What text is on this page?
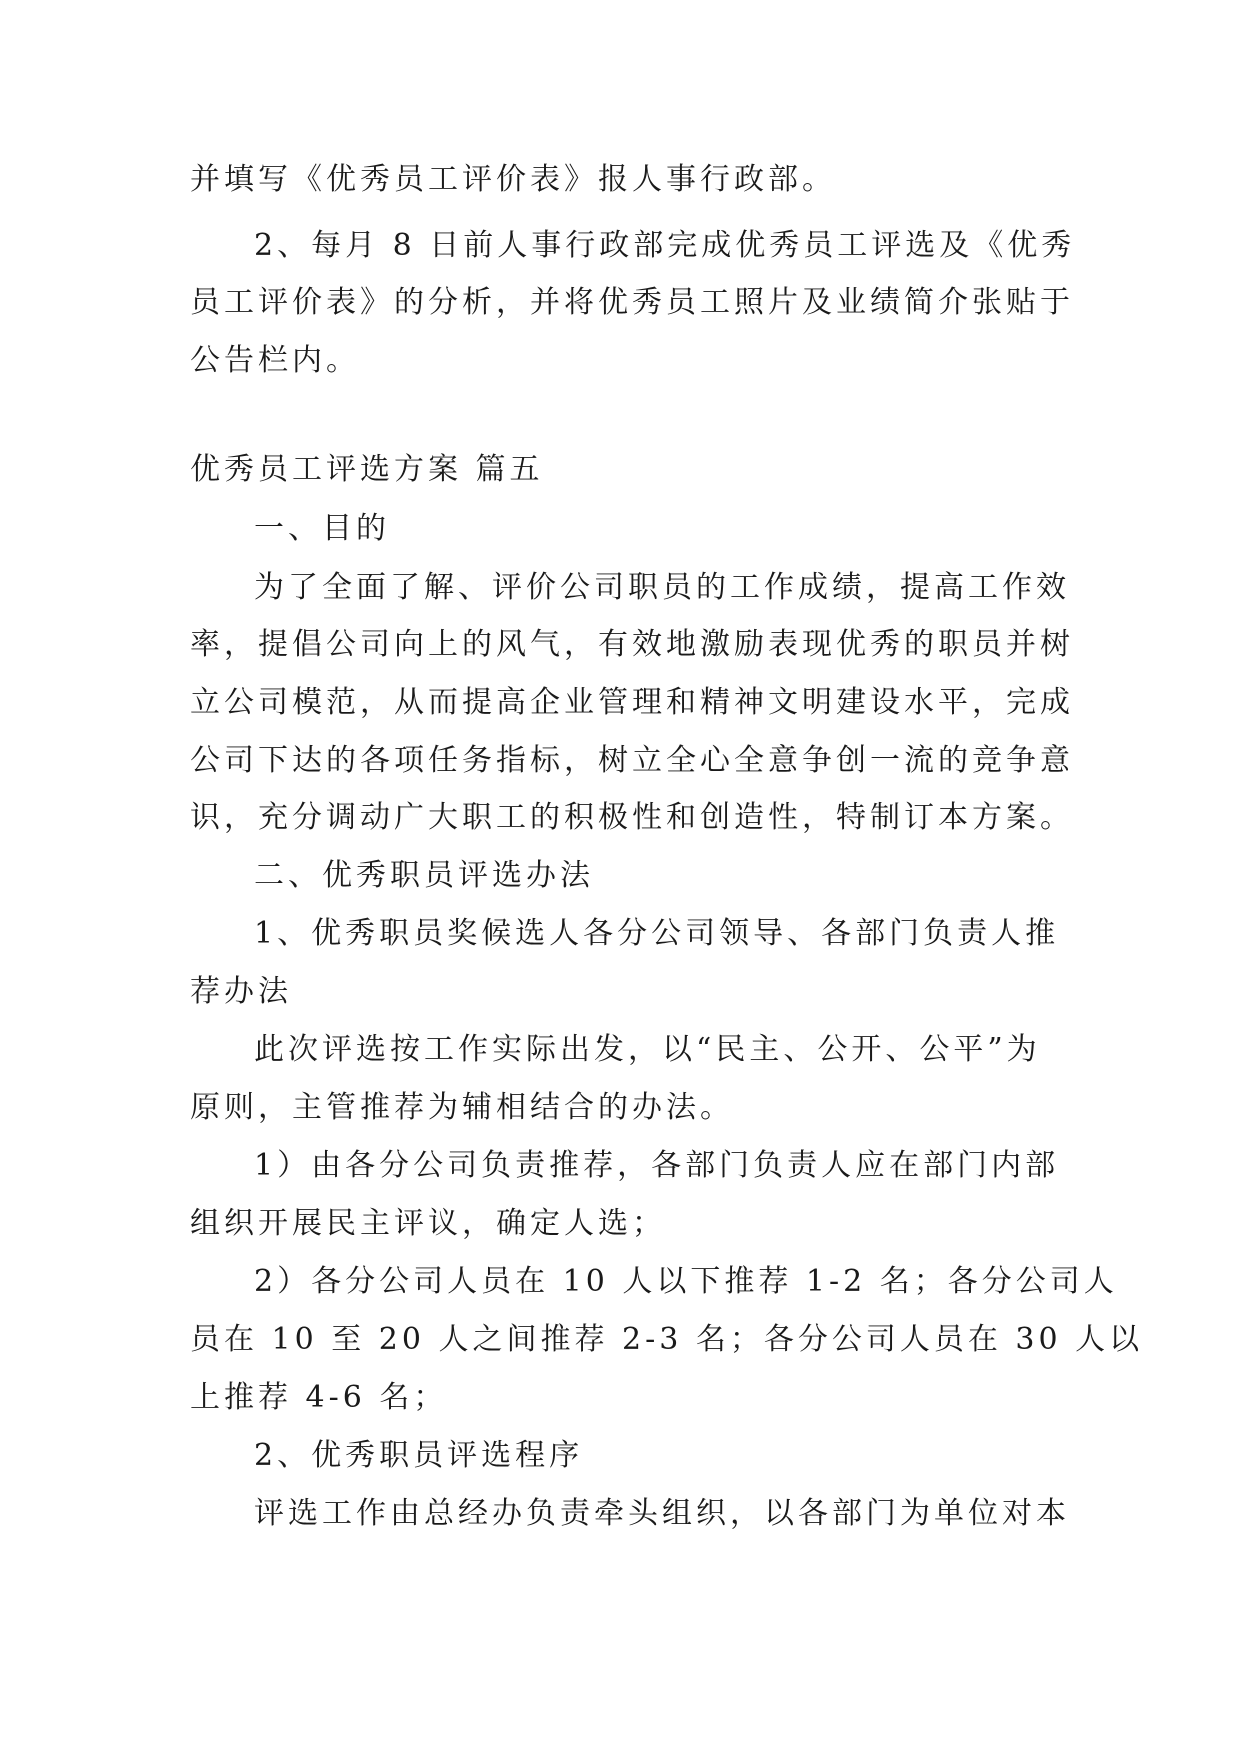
并填写《优秀员工评价表》报人事行政部。
2、每月 8 日前人事行政部完成优秀员工评选及《优秀
员工评价表》的分析，并将优秀员工照片及业绩简介张贴于
公告栏内。
优秀员工评选方案 篇五
一、目的
为了全面了解、评价公司职员的工作成绩，提高工作效
率，提倡公司向上的风气，有效地激励表现优秀的职员并树
立公司模范，从而提高企业管理和精神文明建设水平，完成
公司下达的各项任务指标，树立全心全意争创一流的竞争意
识，充分调动广大职工的积极性和创造性，特制订本方案。
二、优秀职员评选办法
1、优秀职员奖候选人各分公司领导、各部门负责人推
荐办法
此次评选按工作实际出发，以“民主、公开、公平”为
原则，主管推荐为辅相结合的办法。
1）由各分公司负责推荐，各部门负责人应在部门内部
组织开展民主评议，确定人选；
2）各分公司人员在 10 人以下推荐 1-2 名；各分公司人
员在 10 至 20 人之间推荐 2-3 名；各分公司人员在 30 人以
上推荐 4-6 名；
2、优秀职员评选程序
评选工作由总经办负责牵头组织，以各部门为单位对本
